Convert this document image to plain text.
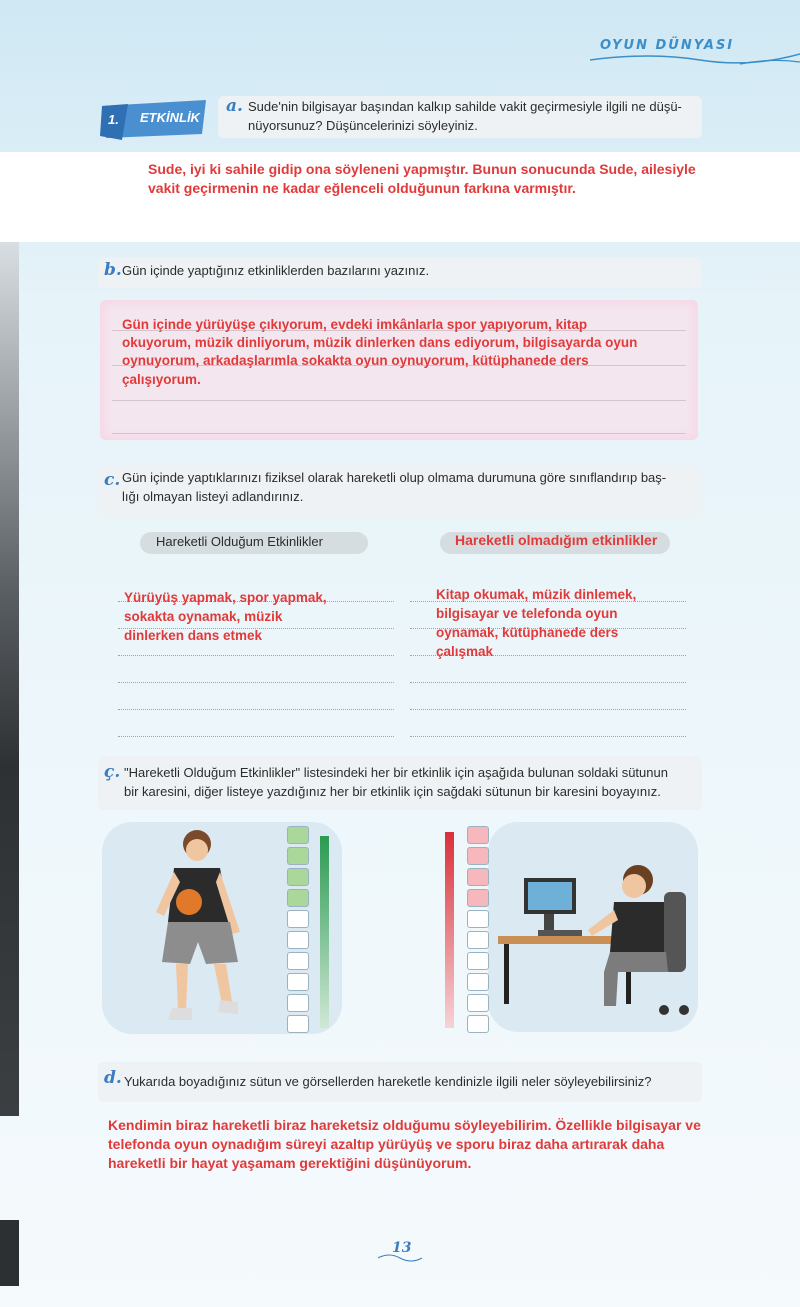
OYUN DÜNYASI
1. ETKİNLİK
a. Sude'nin bilgisayar başından kalkıp sahilde vakit geçirmesiyle ilgili ne düşü-
nüyorsunuz? Düşüncelerinizi söyleyiniz.
Sude, iyi ki sahile gidip ona söyleneni yapmıştır. Bunun sonucunda Sude, ailesiyle
vakit geçirmenin ne kadar eğlenceli olduğunun farkına varmıştır.
b. Gün içinde yaptığınız etkinliklerden bazılarını yazınız.
Gün içinde yürüyüşe çıkıyorum, evdeki imkânlarla spor yapıyorum, kitap
okuyorum, müzik dinliyorum, müzik dinlerken dans ediyorum, bilgisayarda oyun
oynuyorum, arkadaşlarımla sokakta oyun oynuyorum, kütüphanede ders
çalışıyorum.
c. Gün içinde yaptıklarınızı fiziksel olarak hareketli olup olmama durumuna göre sınıflandırıp baş-
lığı olmayan listeyi adlandırınız.
Hareketli Olduğum Etkinlikler	Hareketli olmadığım etkinlikler
Yürüyüş yapmak, spor yapmak,
sokakta oynamak, müzik
dinlerken dans etmek
Kitap okumak, müzik dinlemek,
bilgisayar ve telefonda oyun
oynamak, kütüphanede ders
çalışmak
ç. "Hareketli Olduğum Etkinlikler" listesindeki her bir etkinlik için aşağıda bulunan soldaki sütunun
bir karesini, diğer listeye yazdığınız her bir etkinlik için sağdaki sütunun bir karesini boyayınız.
d. Yukarıda boyadığınız sütun ve görsellerden hareketle kendinizle ilgili neler söyleyebilirsiniz?
Kendimin biraz hareketli biraz hareketsiz olduğumu söyleyebilirim. Özellikle bilgisayar ve
telefonda oyun oynadığım süreyi azaltıp yürüyüş ve sporu biraz daha artırarak daha
hareketli bir hayat yaşamam gerektiğini düşünüyorum.
13
